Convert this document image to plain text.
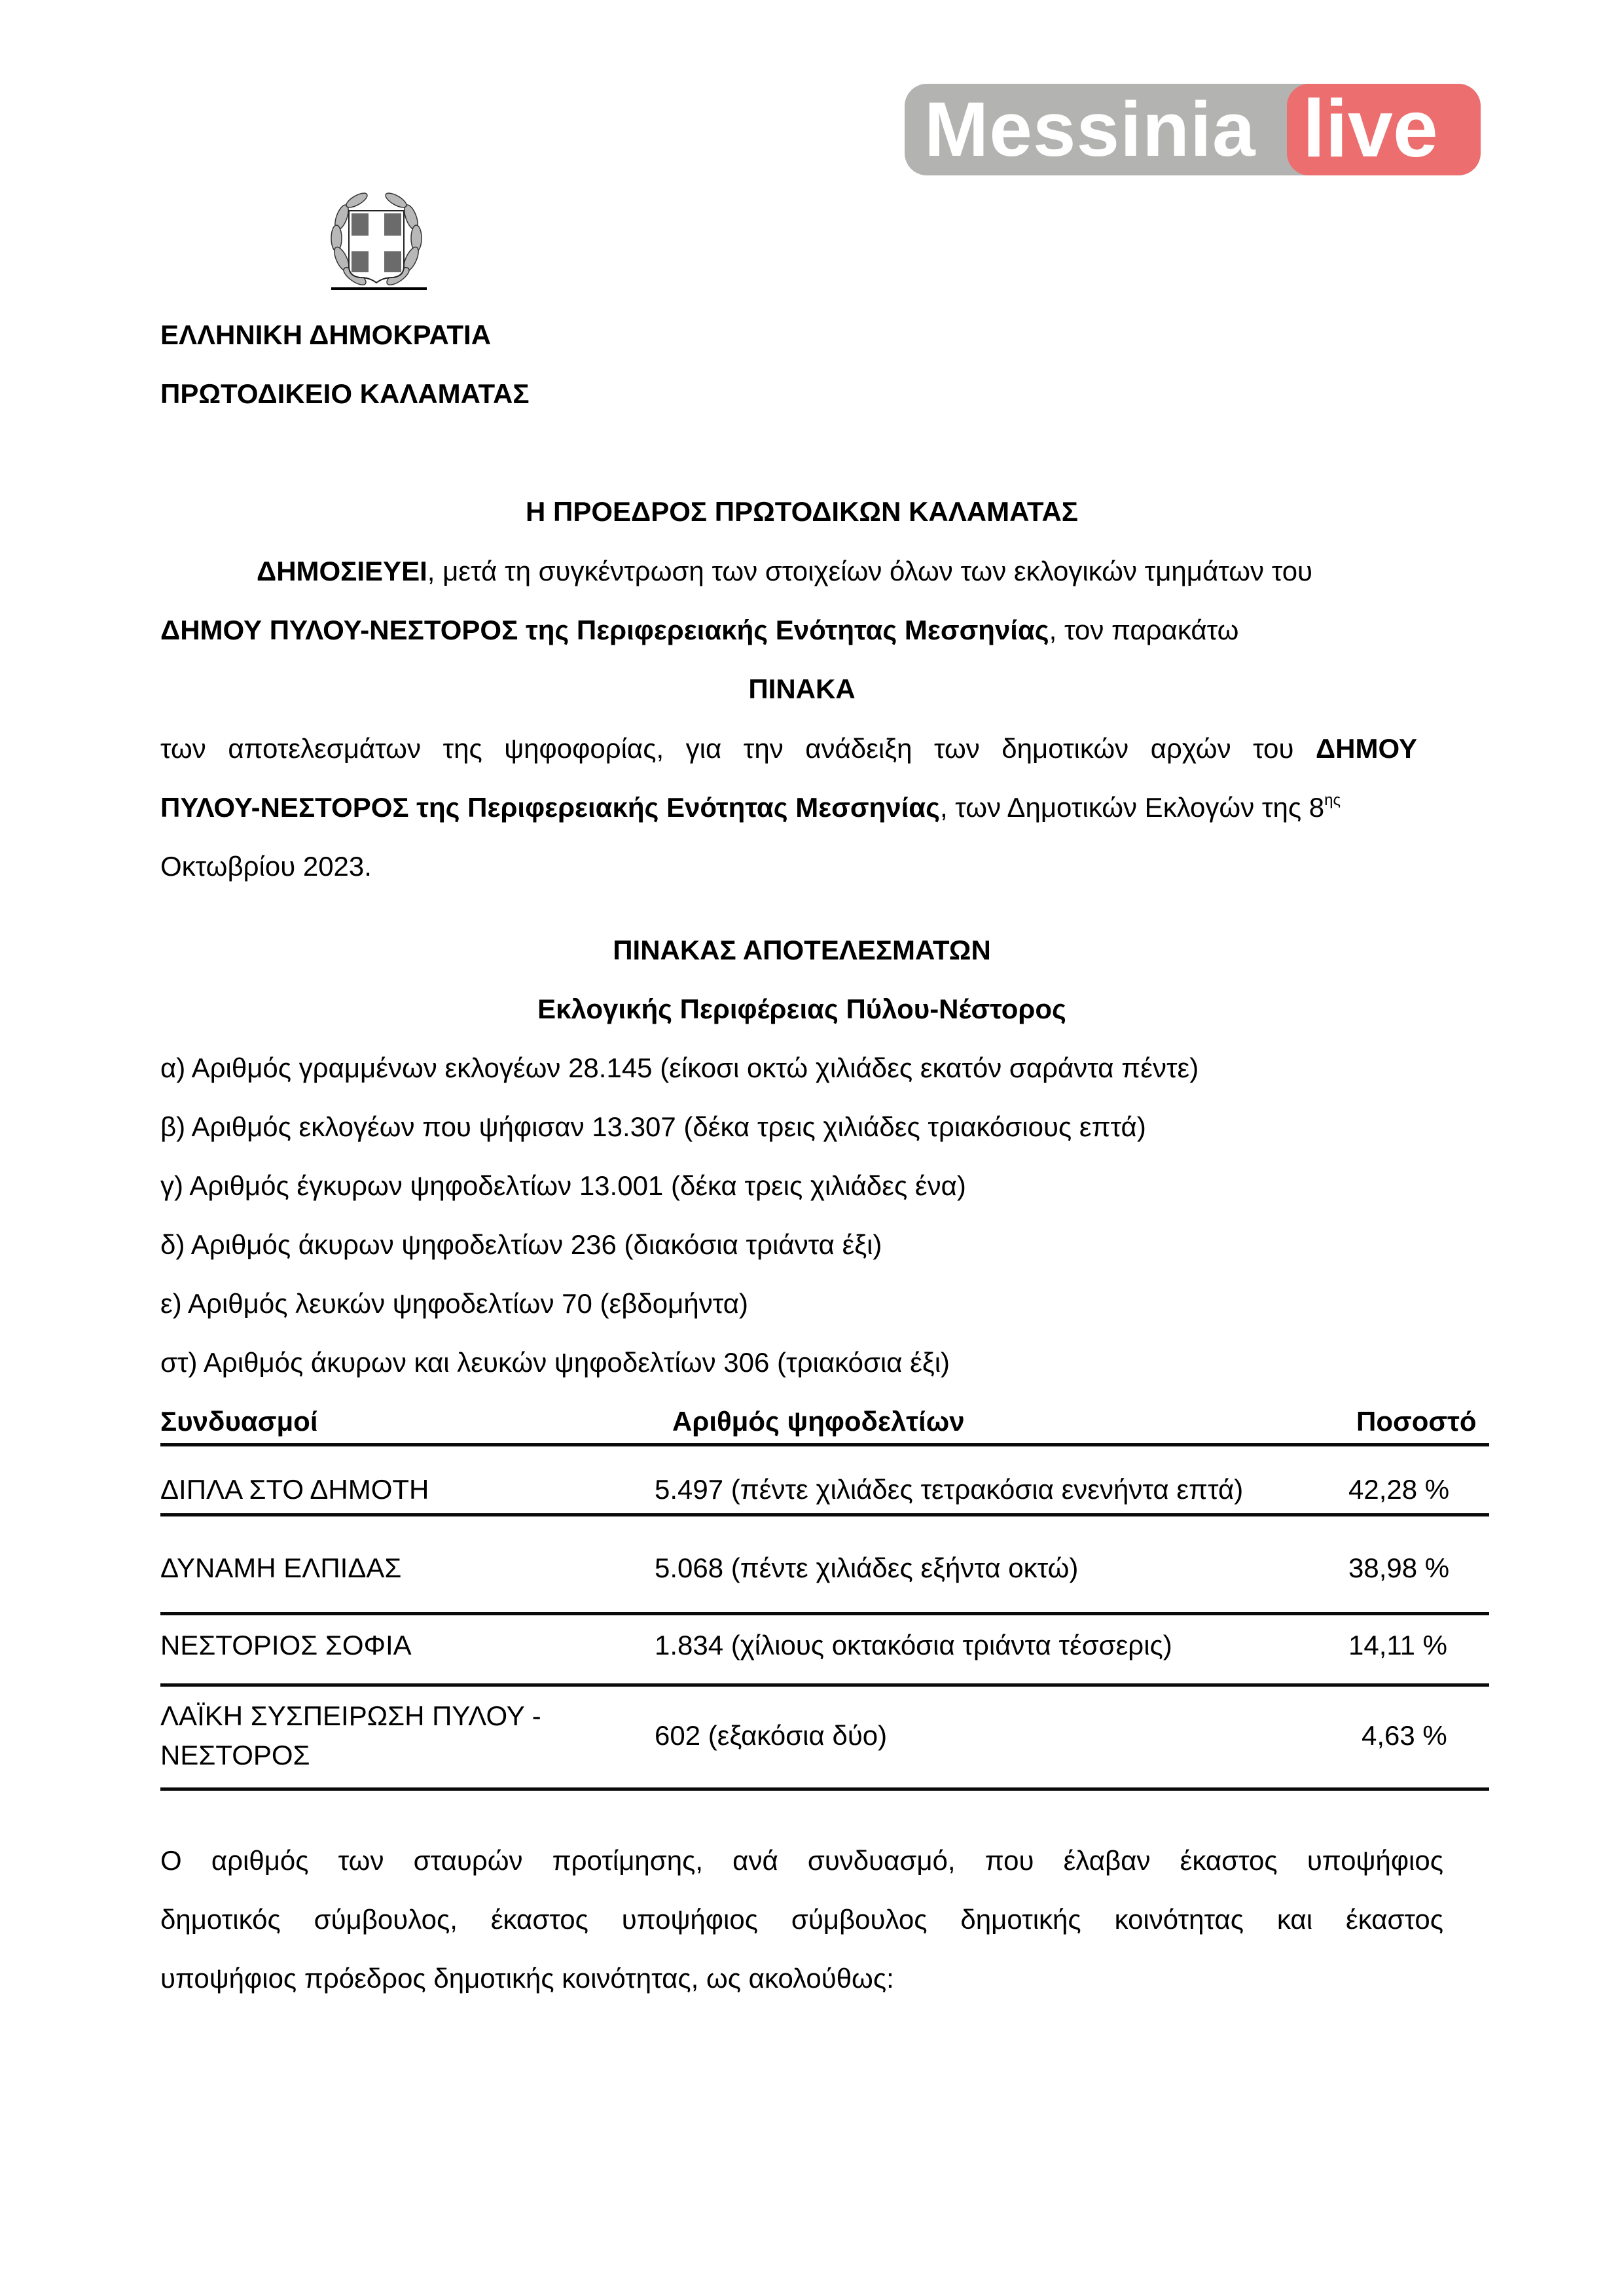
Messinia live
ΕΛΛΗΝΙΚΗ ΔΗΜΟΚΡΑΤΙΑ
ΠΡΩΤΟΔΙΚΕΙΟ ΚΑΛΑΜΑΤΑΣ
Η ΠΡΟΕΔΡΟΣ ΠΡΩΤΟΔΙΚΩΝ ΚΑΛΑΜΑΤΑΣ
ΔΗΜΟΣΙΕΥΕΙ, μετά τη συγκέντρωση των στοιχείων όλων των εκλογικών τμημάτων του
ΔΗΜΟΥ ΠΥΛΟΥ-ΝΕΣΤΟΡΟΣ της Περιφερειακής Ενότητας Μεσσηνίας, τον παρακάτω
ΠΙΝΑΚΑ
των αποτελεσμάτων της ψηφοφορίας, για την ανάδειξη των δημοτικών αρχών του ΔΗΜΟΥ
ΠΥΛΟΥ-ΝΕΣΤΟΡΟΣ της Περιφερειακής Ενότητας Μεσσηνίας, των Δημοτικών Εκλογών της $8^{\eta\varsigma}$
Οκτωβρίου 2023.
ΠΙΝΑΚΑΣ ΑΠΟΤΕΛΕΣΜΑΤΩΝ
Εκλογικής Περιφέρειας Πύλου-Νέστορος
α) Αριθμός γραμμένων εκλογέων 28.145 (είκοσι οκτώ χιλιάδες εκατόν σαράντα πέντε)
β) Αριθμός εκλογέων που ψήφισαν 13.307 (δέκα τρεις χιλιάδες τριακόσιους επτά)
γ) Αριθμός έγκυρων ψηφοδελτίων 13.001 (δέκα τρεις χιλιάδες ένα)
δ) Αριθμός άκυρων ψηφοδελτίων 236 (διακόσια τριάντα έξι)
ε) Αριθμός λευκών ψηφοδελτίων 70 (εβδομήντα)
στ) Αριθμός άκυρων και λευκών ψηφοδελτίων 306 (τριακόσια έξι)
Συνδυασμοί	Αριθμός ψηφοδελτίων	Ποσοστό
ΔΙΠΛΑ ΣΤΟ ΔΗΜΟΤΗ	5.497 (πέντε χιλιάδες τετρακόσια ενενήντα επτά)	42,28 %
ΔΥΝΑΜΗ ΕΛΠΙΔΑΣ	5.068 (πέντε χιλιάδες εξήντα οκτώ)	38,98 %
ΝΕΣΤΟΡΙΟΣ ΣΟΦΙΑ	1.834 (χίλιους οκτακόσια τριάντα τέσσερις)	14,11 %
ΛΑΪΚΗ ΣΥΣΠΕΙΡΩΣΗ ΠΥΛΟΥ -
ΝΕΣΤΟΡΟΣ
602 (εξακόσια δύο)	4,63 %
Ο αριθμός των σταυρών προτίμησης, ανά συνδυασμό, που έλαβαν έκαστος υποψήφιος
δημοτικός σύμβουλος, έκαστος υποψήφιος σύμβουλος δημοτικής κοινότητας και έκαστος
υποψήφιος πρόεδρος δημοτικής κοινότητας, ως ακολούθως:
